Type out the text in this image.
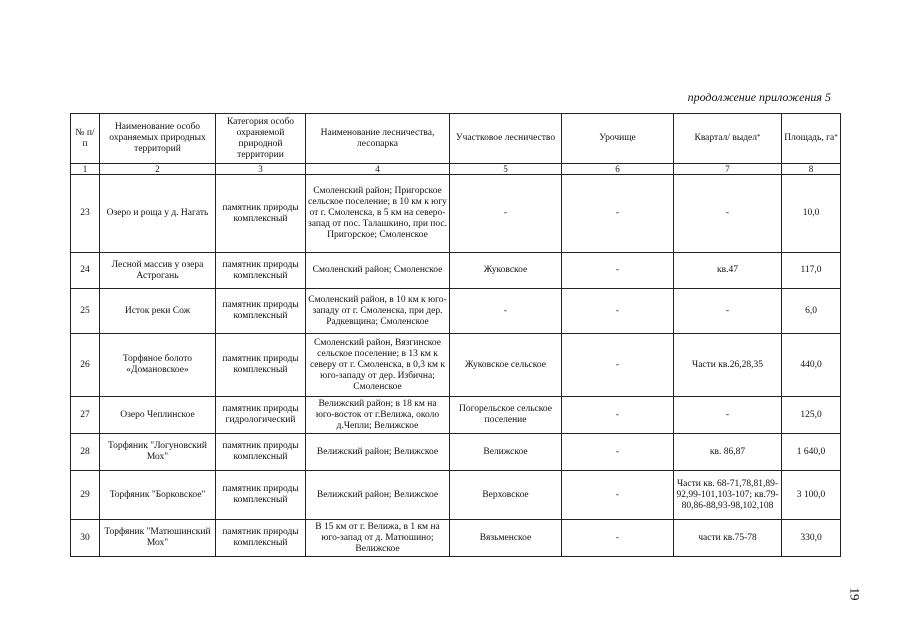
продолжение приложения 5
№ п/п	Наименование особо охраняемых природных территорий	Категория особо охраняемой природной территории	Наименование лесничества, лесопарка	Участковое лесничество	Урочище	Квартал/ выдел*	Площадь, га*
1	2	3	4	5	6	7	8
23	Озеро и роща у д. Нагать	памятник природы комплексный	Смоленский район; Пригорское сельское поселение; в 10 км к югу от г. Смоленска, в 5 км на северо-запад от пос. Талашкино, при пос. Пригорское; Смоленское	-	-	-	10,0
24	Лесной массив у озера Астрогань	памятник природы комплексный	Смоленский район; Смоленское	Жуковское	-	кв.47	117,0
25	Исток реки Сож	памятник природы комплексный	Смоленский район, в 10 км к юго-западу от г. Смоленска, при дер. Радкевщина; Смоленское	-	-	-	6,0
26	Торфяное болото «Домановское»	памятник природы комплексный	Смоленский район, Вязгинское сельское поселение; в 13 км к северу от г. Смоленска, в 0,3 км к юго-западу от дер. Избична; Смоленское	Жуковское сельское	-	Части кв.26,28,35	440,0
27	Озеро Чеплинское	памятник природы гидрологический	Велижский район; в 18 км на юго-восток от г.Велижа, около д.Чепли; Велижское	Погорельское сельское поселение	-	-	125,0
28	Торфяник "Логуновский Мох"	памятник природы комплексный	Велижский район; Велижское	Велижское	-	кв. 86,87	1 640,0
29	Торфяник "Борковское"	памятник природы комплексный	Велижский район; Велижское	Верховское	-	Части кв. 68-71,78,81,89-92,99-101,103-107; кв.79-80,86-88,93-98,102,108	3 100,0
30	Торфяник "Матюшинский Мох"	памятник природы комплексный	В 15 км от г. Велижа, в 1 км на юго-запад от д. Матюшино; Велижское	Вязьменское	-	части кв.75-78	330,0
19
